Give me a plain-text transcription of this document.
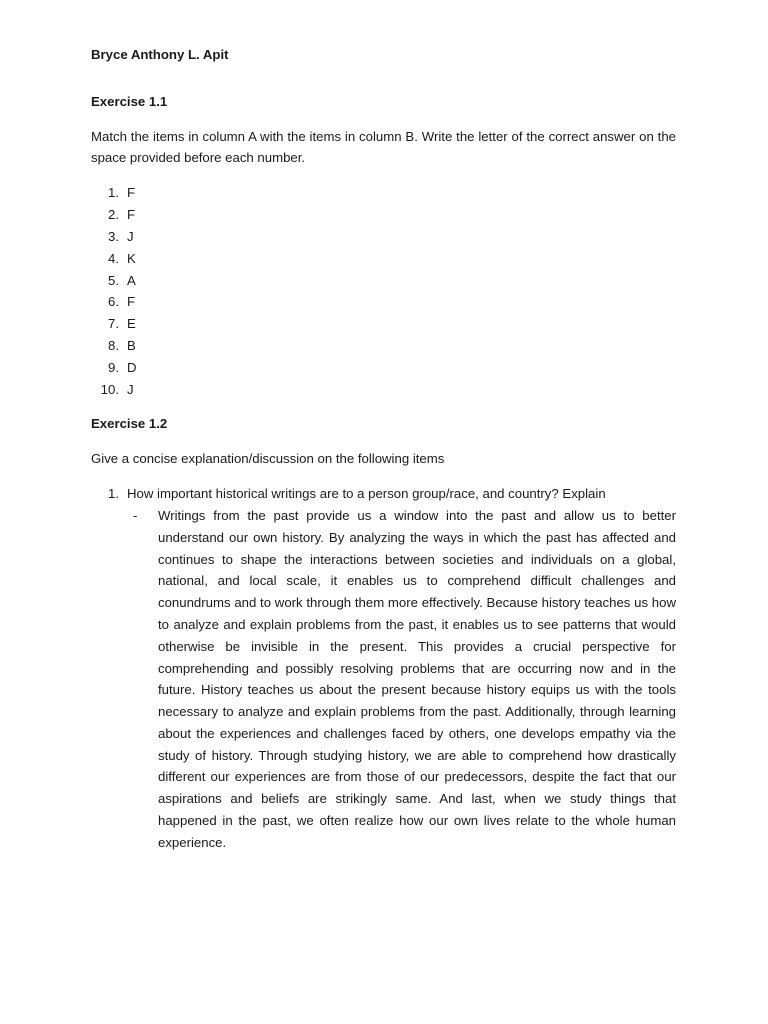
Bryce Anthony L. Apit

Exercise 1.1

Match the items in column A with the items in column B. Write the letter of the correct answer on the space provided before each number.

1. F
2. F
3. J
4. K
5. A
6. F
7. E
8. B
9. D
10. J

Exercise 1.2

Give a concise explanation/discussion on the following items

1. How important historical writings are to a person group/race, and country? Explain
-	Writings from the past provide us a window into the past and allow us to better understand our own history. By analyzing the ways in which the past has affected and continues to shape the interactions between societies and individuals on a global, national, and local scale, it enables us to comprehend difficult challenges and conundrums and to work through them more effectively. Because history teaches us how to analyze and explain problems from the past, it enables us to see patterns that would otherwise be invisible in the present. This provides a crucial perspective for comprehending and possibly resolving problems that are occurring now and in the future. History teaches us about the present because history equips us with the tools necessary to analyze and explain problems from the past. Additionally, through learning about the experiences and challenges faced by others, one develops empathy via the study of history. Through studying history, we are able to comprehend how drastically different our experiences are from those of our predecessors, despite the fact that our aspirations and beliefs are strikingly same. And last, when we study things that happened in the past, we often realize how our own lives relate to the whole human experience.
